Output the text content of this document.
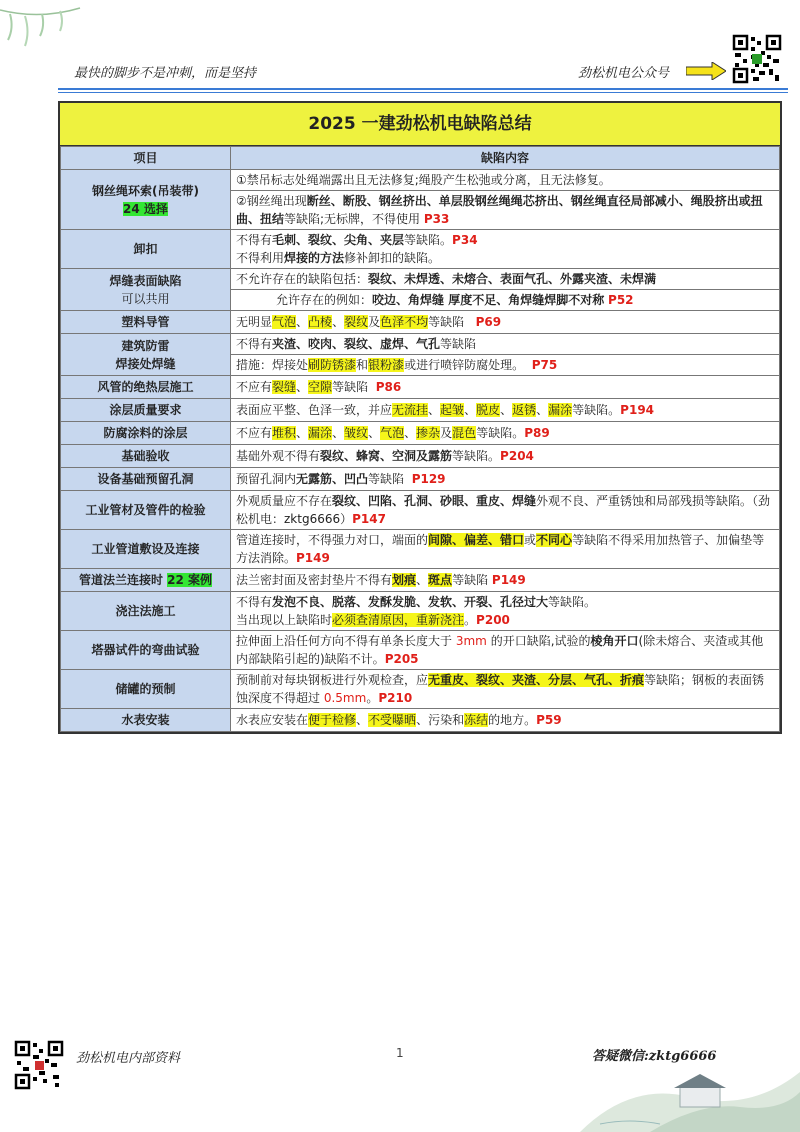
最快的脚步不是冲刺，而是坚持	劲松机电公众号
2025 一建劲松机电缺陷总结
项目	缺陷内容

钢丝绳环索(吊装带)
24 选择	①禁吊标志处绳端露出且无法修复;绳股产生松弛或分离，且无法修复。
	②钢丝绳出现断丝、断股、钢丝挤出、单层股钢丝绳绳芯挤出、钢丝绳直径局部减小、绳股挤出或扭曲、扭结等缺陷;无标牌，不得使用 P33
卸扣	不得有毛刺、裂纹、尖角、夹层等缺陷。P34
不得利用焊接的方法修补卸扣的缺陷。

焊缝表面缺陷
可以共用	不允许存在的缺陷包括：裂纹、未焊透、未熔合、表面气孔、外露夹渣、未焊满
	允许存在的例如：咬边、角焊缝 厚度不足、角焊缝焊脚不对称 P52
塑料导管	无明显气泡、凸棱、裂纹及色泽不均等缺陷 P69

建筑防雷
焊接处焊缝	不得有夹渣、咬肉、裂纹、虚焊、气孔等缺陷
	措施：焊接处刷防锈漆和银粉漆或进行喷锌防腐处理。 P75
风管的绝热层施工	不应有裂缝、空隙等缺陷 P86
涂层质量要求	表面应平整、色泽一致，并应无流挂、起皱、脱皮、返锈、漏涂等缺陷。P194
防腐涂料的涂层	不应有堆积、漏涂、皱纹、气泡、掺杂及混色等缺陷。P89
基础验收	基础外观不得有裂纹、蜂窝、空洞及露筋等缺陷。P204
设备基础预留孔洞	预留孔洞内无露筋、凹凸等缺陷 P129
工业管材及管件的检验	外观质量应不存在裂纹、凹陷、孔洞、砂眼、重皮、焊缝外观不良、严重锈蚀和局部残损等缺陷。（劲松机电：zktg6666）P147
工业管道敷设及连接	管道连接时，不得强力对口，端面的间隙、偏差、错口或不同心等缺陷不得采用加热管子、加偏垫等方法消除。P149
管道法兰连接时 22 案例	法兰密封面及密封垫片不得有划痕、斑点等缺陷 P149
浇注法施工	不得有发泡不良、脱落、发酥发脆、发软、开裂、孔径过大等缺陷。
当出现以上缺陷时必须查清原因，重新浇注。P200

塔器试件的弯曲试验	拉伸面上沿任何方向不得有单条长度大于 3mm 的开口缺陷,试验的棱角开口(除未熔合、夹渣或其他内部缺陷引起的)缺陷不计。P205
储罐的预制	预制前对每块钢板进行外观检查，应无重皮、裂纹、夹渣、分层、气孔、折痕等缺陷；钢板的表面锈蚀深度不得超过 0.5mm。P210
水表安装	水表应安装在便于检修、不受曝晒、污染和冻结的地方。P59
劲松机电内部资料	1	答疑微信:zktg6666
